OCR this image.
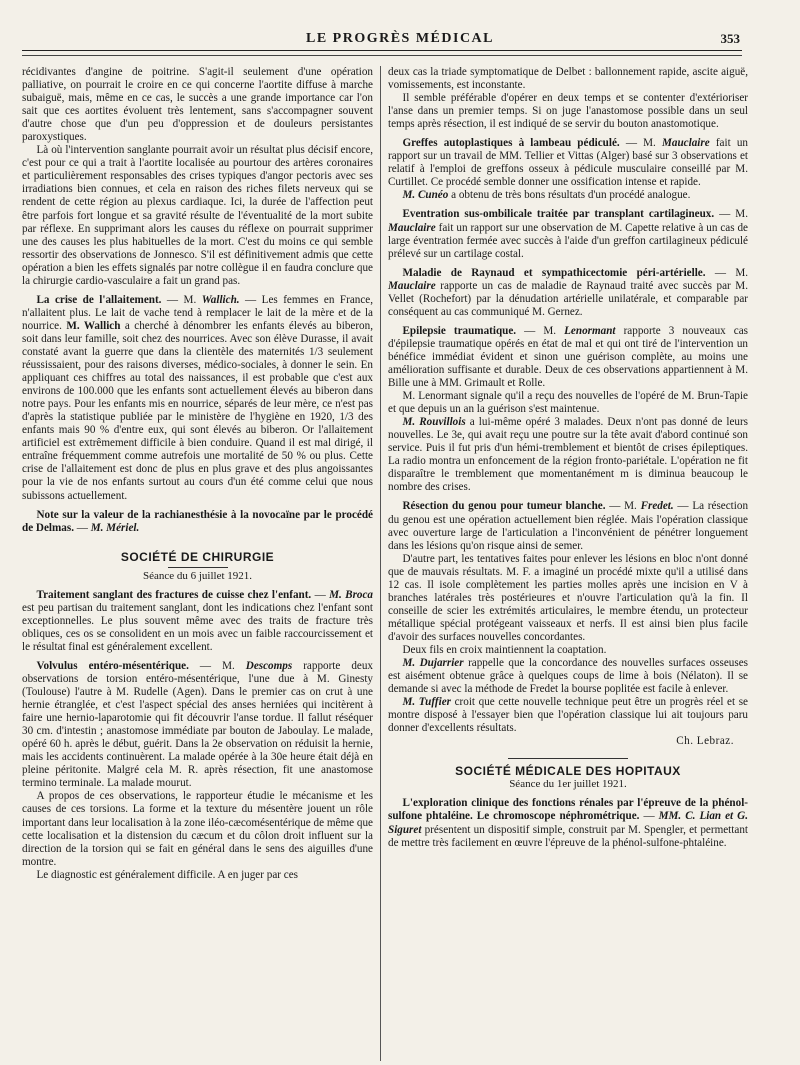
LE PROGRÈS MÉDICAL	353

récidivantes d'angine de poitrine. S'agit-il seulement d'une opération palliative, on pourrait le croire en ce qui concerne l'aortite diffuse à marche subaiguë, mais, même en ce cas, le succès a une grande importance car l'on sait que ces aortites évoluent très lentement, sans s'accompagner souvent d'autre chose que d'un peu d'oppression et de douleurs persistantes paroxystiques.

Là où l'intervention sanglante pourrait avoir un résultat plus décisif encore, c'est pour ce qui a trait à l'aortite localisée au pourtour des artères coronaires et particulièrement responsables des crises typiques d'angor pectoris avec ses irradiations bien connues, et cela en raison des riches filets nerveux qui se rendent de cette région au plexus cardiaque. Ici, la durée de l'affection peut être parfois fort longue et sa gravité résulte de l'éventualité de la mort subite par réflexe. En supprimant alors les causes du réflexe on pourrait supprimer une des causes les plus habituelles de la mort. C'est du moins ce qui semble ressortir des observations de Jonnesco. S'il est définitivement admis que cette opération a bien les effets signalés par notre collègue il en faudra conclure que la chirurgie cardio-vasculaire a fait un grand pas.

La crise de l'allaitement. — M. Wallich. — Les femmes en France, n'allaitent plus. Le lait de vache tend à remplacer le lait de la mère et de la nourrice. M. Wallich a cherché à dénombrer les enfants élevés au biberon, soit dans leur famille, soit chez des nourrices. Avec son élève Durasse, il avait constaté avant la guerre que dans la clientèle des maternités 1/3 seulement réussissaient, pour des raisons diverses, médico-sociales, à donner le sein. En appliquant ces chiffres au total des naissances, il est probable que c'est aux environs de 100.000 que les enfants sont actuellement élevés au biberon dans notre pays. Pour les enfants mis en nourrice, séparés de leur mère, ce n'est pas d'après la statistique publiée par le ministère de l'hygiène en 1920, 1/3 des enfants mais 90 % d'entre eux, qui sont élevés au biberon. Or l'allaitement artificiel est extrêmement difficile à bien conduire. Quand il est mal dirigé, il entraîne fréquemment comme autrefois une mortalité de 50 % ou plus. Cette crise de l'allaitement est donc de plus en plus grave et des plus angoissantes pour la vie de nos enfants surtout au cours d'un été comme celui que nous subissons actuellement.

Note sur la valeur de la rachianesthésie à la novocaïne par le procédé de Delmas. — M. Mériel.

SOCIÉTÉ DE CHIRURGIE
Séance du 6 juillet 1921.

Traitement sanglant des fractures de cuisse chez l'enfant. — M. Broca est peu partisan du traitement sanglant, dont les indications chez l'enfant sont exceptionnelles. Le plus souvent même avec des traits de fracture très obliques, ces os se consolident en un mois avec un faible raccourcissement et le résultat final est généralement excellent.

Volvulus entéro-mésentérique. — M. Descomps rapporte deux observations de torsion entéro-mésentérique, l'une due à M. Ginesty (Toulouse) l'autre à M. Rudelle (Agen). Dans le premier cas on crut à une hernie étranglée, et c'est l'aspect spécial des anses herniées qui incitèrent à faire une hernio-laparotomie qui fit découvrir l'anse tordue. Il fallut réséquer 30 cm. d'intestin ; anastomose immédiate par bouton de Jaboulay. Le malade, opéré 60 h. après le début, guérit. Dans la 2e observation on réduisit la hernie, mais les accidents continuèrent. La malade opérée à la 30e heure était déjà en pleine péritonite. Malgré cela M. R. après résection, fit une anastomose termino terminale. La malade mourut.

A propos de ces observations, le rapporteur étudie le mécanisme et les causes de ces torsions. La forme et la texture du mésentère jouent un rôle important dans leur localisation à la zone iléo-cæcomésentérique de même que cette localisation et la distension du cæcum et du côlon droit influent sur la direction de la torsion qui se fait en général dans le sens des aiguilles d'une montre.

Le diagnostic est généralement difficile. A en juger par ces

deux cas la triade symptomatique de Delbet : ballonnement rapide, ascite aiguë, vomissements, est inconstante.

Il semble préférable d'opérer en deux temps et se contenter d'extérioriser l'anse dans un premier temps. Si on juge l'anastomose possible dans un seul temps après résection, il est indiqué de se servir du bouton anastomotique.

Greffes autoplastiques à lambeau pédiculé. — M. Mauclaire fait un rapport sur un travail de MM. Tellier et Vittas (Alger) basé sur 3 observations et relatif à l'emploi de greffons osseux à pédicule musculaire conseillé par M. Curtillet. Ce procédé semble donner une ossification intense et rapide.

M. Cunéo a obtenu de très bons résultats d'un procédé analogue.

Eventration sus-ombilicale traitée par transplant cartilagineux. — M. Mauclaire fait un rapport sur une observation de M. Capette relative à un cas de large éventration fermée avec succès à l'aide d'un greffon cartilagineux pédiculé prélevé sur un cartilage costal.

Maladie de Raynaud et sympathicectomie péri-artérielle. — M. Mauclaire rapporte un cas de maladie de Raynaud traité avec succès par M. Vellet (Rochefort) par la dénudation artérielle unilatérale, et comparable par conséquent au cas communiqué M. Gernez.

Epilepsie traumatique. — M. Lenormant rapporte 3 nouveaux cas d'épilepsie traumatique opérés en état de mal et qui ont tiré de l'intervention un bénéfice immédiat évident et sinon une guérison complète, au moins une amélioration suffisante et durable. Deux de ces observations appartiennent à M. Bille une à MM. Grimault et Rolle.

M. Lenormant signale qu'il a reçu des nouvelles de l'opéré de M. Brun-Tapie et que depuis un an la guérison s'est maintenue.

M. Rouvillois a lui-même opéré 3 malades. Deux n'ont pas donné de leurs nouvelles. Le 3e, qui avait reçu une poutre sur la tête avait d'abord continué son service. Puis il fut pris d'un hémi-tremblement et bientôt de crises épileptiques. La radio montra un enfoncement de la région fronto-pariétale. L'opération ne fit disparaître le tremblement que momentanément m is diminua beaucoup le nombre des crises.

Résection du genou pour tumeur blanche. — M. Fredet. — La résection du genou est une opération actuellement bien réglée. Mais l'opération classique avec ouverture large de l'articulation a l'inconvénient de pénétrer longuement dans les lésions qu'on risque ainsi de semer.

D'autre part, les tentatives faites pour enlever les lésions en bloc n'ont donné que de mauvais résultats. M. F. a imaginé un procédé mixte qu'il a utilisé dans 12 cas. Il isole complètement les parties molles après une incision en V à branches latérales très postérieures et n'ouvre l'articulation qu'à la fin. Il conseille de scier les extrémités articulaires, le membre étendu, un protecteur métallique spécial protégeant vaisseaux et nerfs. Il est ainsi bien plus facile d'avoir des surfaces nouvelles concordantes.

Deux fils en croix maintiennent la coaptation.

M. Dujarrier rappelle que la concordance des nouvelles surfaces osseuses est aisément obtenue grâce à quelques coups de lime à bois (Nélaton). Il se demande si avec la méthode de Fredet la bourse poplitée est facile à enlever.

M. Tuffier croit que cette nouvelle technique peut être un progrès réel et se montre disposé à l'essayer bien que l'opération classique lui ait toujours paru donner d'excellents résultats.

Ch. Lebraz.
SOCIÉTÉ MÉDICALE DES HOPITAUX
Séance du 1er juillet 1921.

L'exploration clinique des fonctions rénales par l'épreuve de la phénol-sulfone phtaléine. Le chromoscope néphrométrique. — MM. C. Lian et G. Siguret présentent un dispositif simple, construit par M. Spengler, et permettant de mettre très facilement en œuvre l'épreuve de la phénol-sulfone-phtaléine.
